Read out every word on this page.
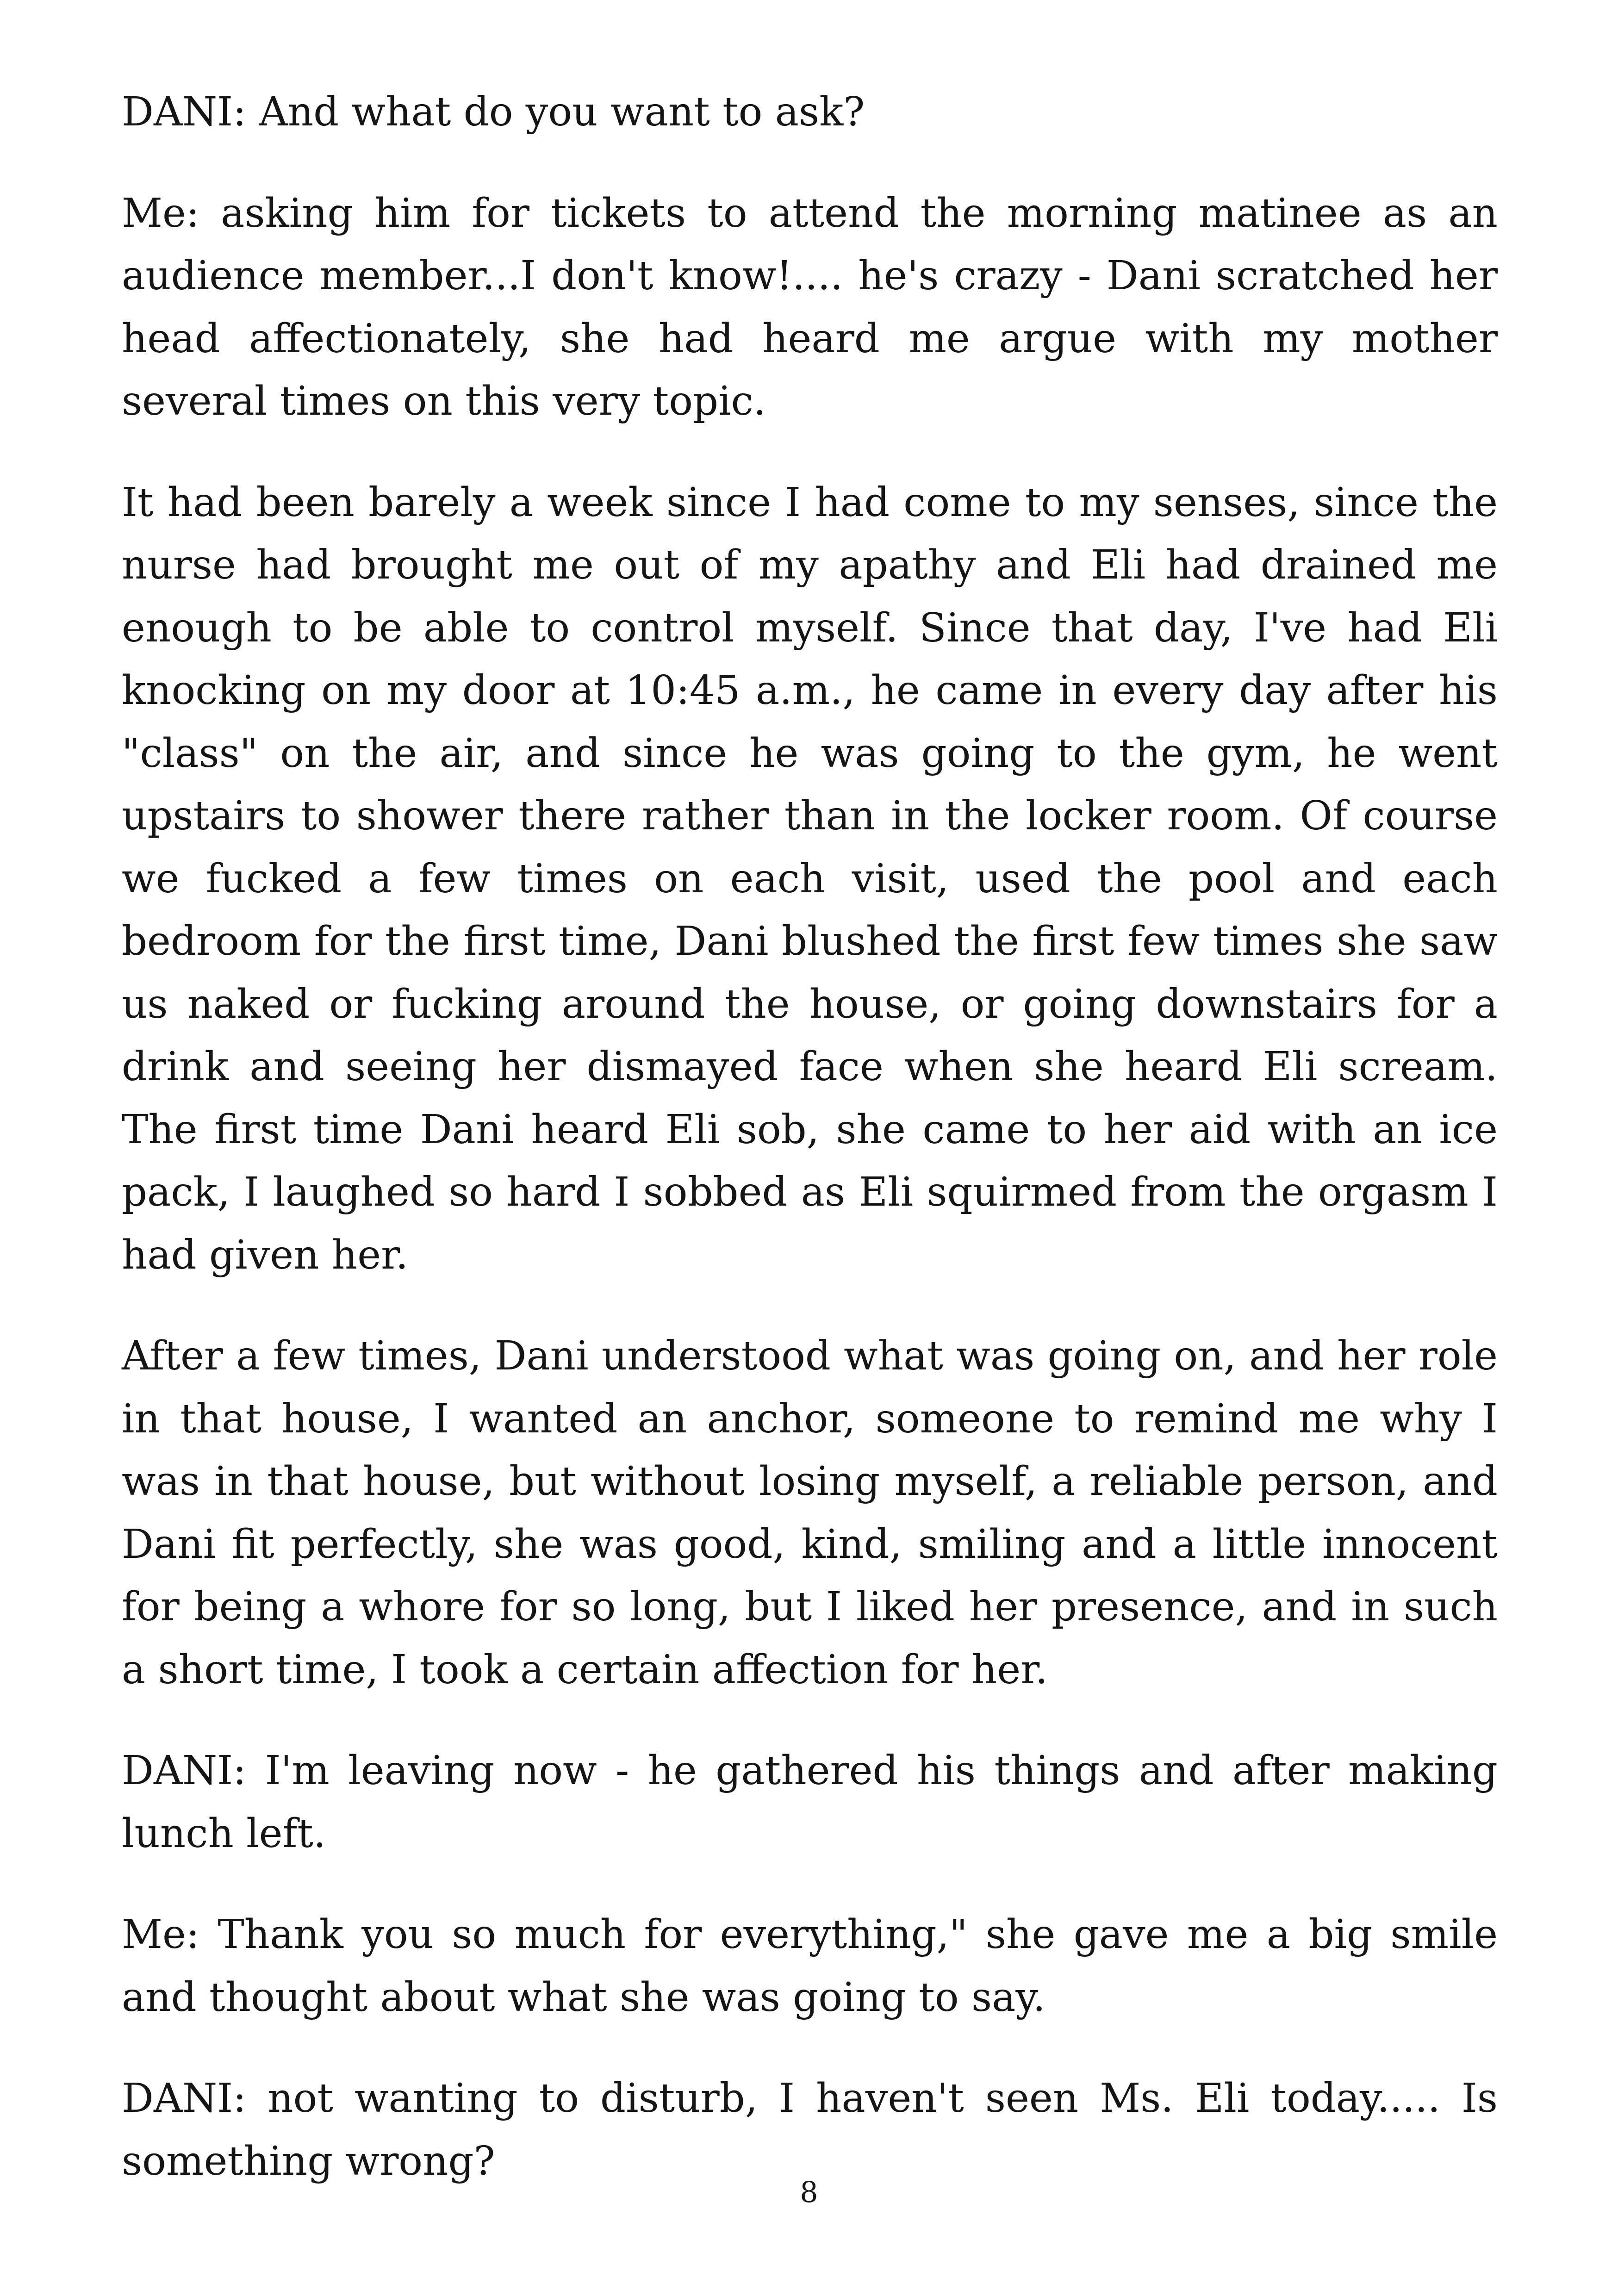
DANI: And what do you want to ask?

Me: asking him for tickets to attend the morning matinee as an audience member...I don't know!.... he's crazy - Dani scratched her head affectionately, she had heard me argue with my mother several times on this very topic.

It had been barely a week since I had come to my senses, since the nurse had brought me out of my apathy and Eli had drained me enough to be able to control myself. Since that day, I've had Eli knocking on my door at 10:45 a.m., he came in every day after his "class" on the air, and since he was going to the gym, he went upstairs to shower there rather than in the locker room. Of course we fucked a few times on each visit, used the pool and each bedroom for the first time, Dani blushed the first few times she saw us naked or fucking around the house, or going downstairs for a drink and seeing her dismayed face when she heard Eli scream. The first time Dani heard Eli sob, she came to her aid with an ice pack, I laughed so hard I sobbed as Eli squirmed from the orgasm I had given her.

After a few times, Dani understood what was going on, and her role in that house, I wanted an anchor, someone to remind me why I was in that house, but without losing myself, a reliable person, and Dani fit perfectly, she was good, kind, smiling and a little innocent for being a whore for so long, but I liked her presence, and in such a short time, I took a certain affection for her.

DANI: I'm leaving now - he gathered his things and after making lunch left.

Me: Thank you so much for everything," she gave me a big smile and thought about what she was going to say.

DANI: not wanting to disturb, I haven't seen Ms. Eli today..... Is something wrong?

8
